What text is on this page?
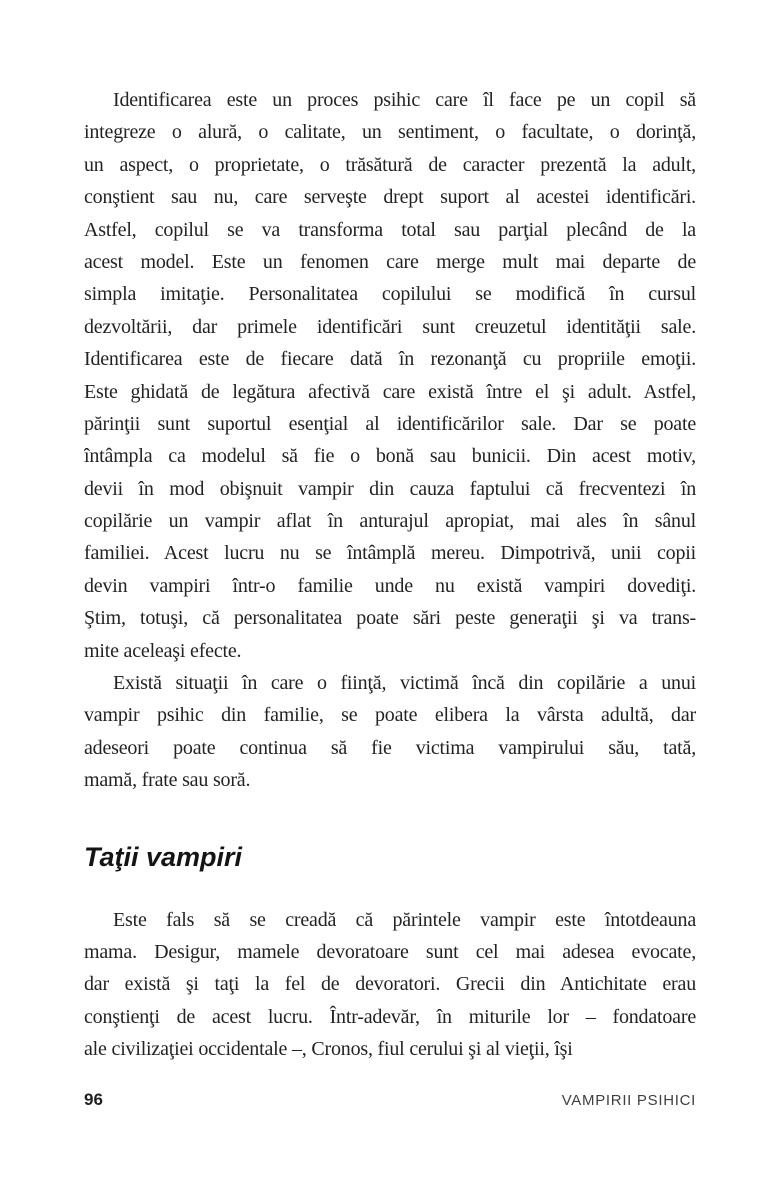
Identificarea este un proces psihic care îl face pe un copil să
integreze o alură, o calitate, un sentiment, o facultate, o dorinţă,
un aspect, o proprietate, o trăsătură de caracter prezentă la adult,
conştient sau nu, care serveşte drept suport al acestei identificări.
Astfel, copilul se va transforma total sau parţial plecând de la
acest model. Este un fenomen care merge mult mai departe de
simpla imitaţie. Personalitatea copilului se modifică în cursul
dezvoltării, dar primele identificări sunt creuzetul identităţii sale.
Identificarea este de fiecare dată în rezonanţă cu propriile emoţii.
Este ghidată de legătura afectivă care există între el şi adult. Astfel,
părinţii sunt suportul esenţial al identificărilor sale. Dar se poate
întâmpla ca modelul să fie o bonă sau bunicii. Din acest motiv,
devii în mod obişnuit vampir din cauza faptului că frecventezi în
copilărie un vampir aflat în anturajul apropiat, mai ales în sânul
familiei. Acest lucru nu se întâmplă mereu. Dimpotrivă, unii copii
devin vampiri într-o familie unde nu există vampiri dovediţi.
Ştim, totuşi, că personalitatea poate sări peste generaţii şi va trans-
mite aceleaşi efecte.
Există situaţii în care o fiinţă, victimă încă din copilărie a unui
vampir psihic din familie, se poate elibera la vârsta adultă, dar
adeseori poate continua să fie victima vampirului său, tată,
mamă, frate sau soră.
Taţii vampiri
Este fals să se creadă că părintele vampir este întotdeauna
mama. Desigur, mamele devoratoare sunt cel mai adesea evocate,
dar există şi taţi la fel de devoratori. Grecii din Antichitate erau
conştienţi de acest lucru. Într-adevăr, în miturile lor – fondatoare
ale civilizaţiei occidentale –, Cronos, fiul cerului şi al vieţii, îşi
96	VAMPIRII PSIHICI
